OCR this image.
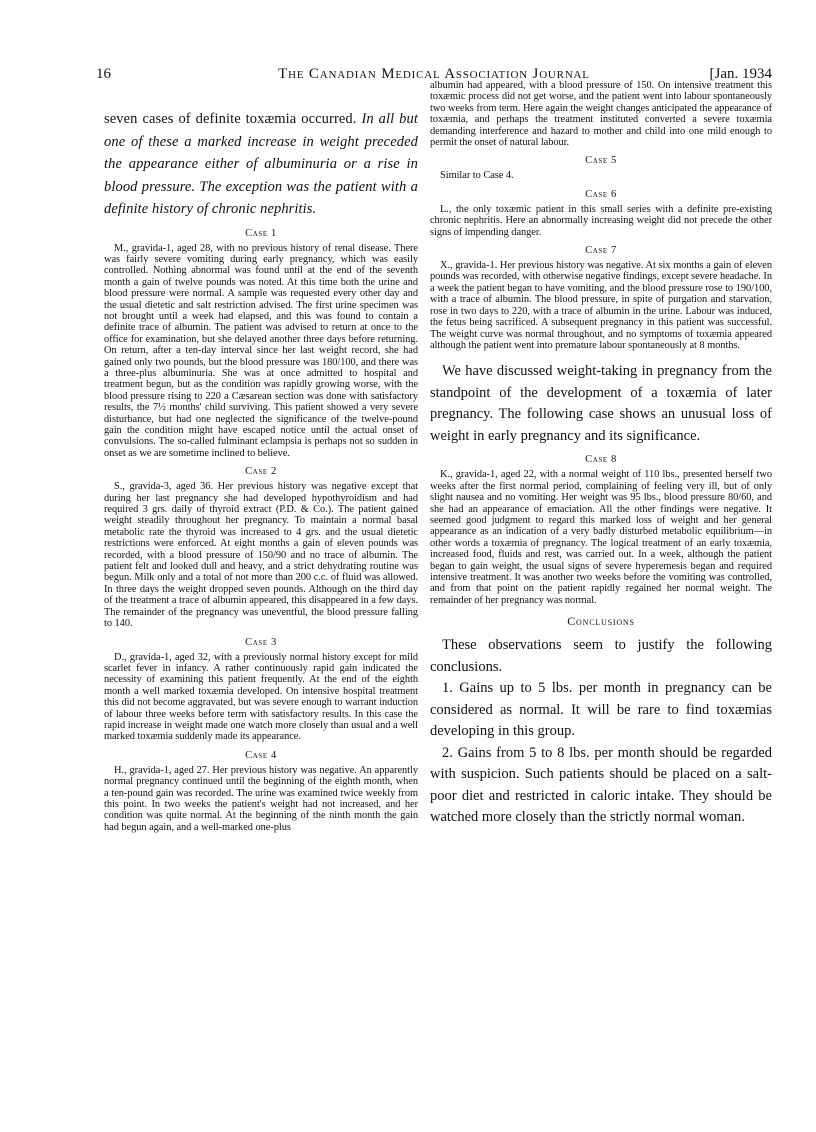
16	The Canadian Medical Association Journal	[Jan. 1934

seven cases of definite toxæmia occurred. In all but one of these a marked increase in weight preceded the appearance either of albuminuria or a rise in blood pressure. The exception was the patient with a definite history of chronic nephritis.

Case 1

M., gravida-1, aged 28, with no previous history of renal disease. There was fairly severe vomiting during early pregnancy, which was easily controlled. Nothing abnormal was found until at the end of the seventh month a gain of twelve pounds was noted. At this time both the urine and blood pressure were normal. A sample was requested every other day and the usual dietetic and salt restriction advised. The first urine specimen was not brought until a week had elapsed, and this was found to contain a definite trace of albumin. The patient was advised to return at once to the office for examination, but she delayed another three days before returning. On return, after a ten-day interval since her last weight record, she had gained only two pounds, but the blood pressure was 180/100, and there was a three-plus albuminuria. She was at once admitted to hospital and treatment begun, but as the condition was rapidly growing worse, with the blood pressure rising to 220 a Cæsarean section was done with satisfactory results, the 7½ months' child surviving. This patient showed a very severe disturbance, but had one neglected the significance of the twelve-pound gain the condition might have escaped notice until the actual onset of convulsions. The so-called fulminant eclampsia is perhaps not so sudden in onset as we are sometime inclined to believe.

Case 2

S., gravida-3, aged 36. Her previous history was negative except that during her last pregnancy she had developed hypothyroidism and had required 3 grs. daily of thyroid extract (P.D. & Co.). The patient gained weight steadily throughout her pregnancy. To maintain a normal basal metabolic rate the thyroid was increased to 4 grs. and the usual dietetic restrictions were enforced. At eight months a gain of eleven pounds was recorded, with a blood pressure of 150/90 and no trace of albumin. The patient felt and looked dull and heavy, and a strict dehydrating routine was begun. Milk only and a total of not more than 200 c.c. of fluid was allowed. In three days the weight dropped seven pounds. Although on the third day of the treatment a trace of albumin appeared, this disappeared in a few days. The remainder of the pregnancy was uneventful, the blood pressure falling to 140.

Case 3

D., gravida-1, aged 32, with a previously normal history except for mild scarlet fever in infancy. A rather continuously rapid gain indicated the necessity of examining this patient frequently. At the end of the eighth month a well marked toxæmia developed. On intensive hospital treatment this did not become aggravated, but was severe enough to warrant induction of labour three weeks before term with satisfactory results. In this case the rapid increase in weight made one watch more closely than usual and a well marked toxæmia suddenly made its appearance.

Case 4

H., gravida-1, aged 27. Her previous history was negative. An apparently normal pregnancy continued until the beginning of the eighth month, when a ten-pound gain was recorded. The urine was examined twice weekly from this point. In two weeks the patient's weight had not increased, and her condition was quite normal. At the beginning of the ninth month the gain had begun again, and a well-marked one-plus

albumin had appeared, with a blood pressure of 150. On intensive treatment this toxæmic process did not get worse, and the patient went into labour spontaneously two weeks from term. Here again the weight changes anticipated the appearance of toxæmia, and perhaps the treatment instituted converted a severe toxæmia demanding interference and hazard to mother and child into one mild enough to permit the onset of natural labour.

Case 5

Similar to Case 4.

Case 6

L., the only toxæmic patient in this small series with a definite pre-existing chronic nephritis. Here an abnormally increasing weight did not precede the other signs of impending danger.

Case 7

X., gravida-1. Her previous history was negative. At six months a gain of eleven pounds was recorded, with otherwise negative findings, except severe headache. In a week the patient began to have vomiting, and the blood pressure rose to 190/100, with a trace of albumin. The blood pressure, in spite of purgation and starvation, rose in two days to 220, with a trace of albumin in the urine. Labour was induced, the fetus being sacrificed. A subsequent pregnancy in this patient was successful. The weight curve was normal throughout, and no symptoms of toxæmia appeared although the patient went into premature labour spontaneously at 8 months.

We have discussed weight-taking in pregnancy from the standpoint of the development of a toxæmia of later pregnancy. The following case shows an unusual loss of weight in early pregnancy and its significance.

Case 8

K., gravida-1, aged 22, with a normal weight of 110 lbs., presented herself two weeks after the first normal period, complaining of feeling very ill, but of only slight nausea and no vomiting. Her weight was 95 lbs., blood pressure 80/60, and she had an appearance of emaciation. All the other findings were negative. It seemed good judgment to regard this marked loss of weight and her general appearance as an indication of a very badly disturbed metabolic equilibrium—in other words a toxæmia of pregnancy. The logical treatment of an early toxæmia, increased food, fluids and rest, was carried out. In a week, although the patient began to gain weight, the usual signs of severe hyperemesis began and required intensive treatment. It was another two weeks before the vomiting was controlled, and from that point on the patient rapidly regained her normal weight. The remainder of her pregnancy was normal.

Conclusions

These observations seem to justify the following conclusions.

1. Gains up to 5 lbs. per month in pregnancy can be considered as normal. It will be rare to find toxæmias developing in this group.

2. Gains from 5 to 8 lbs. per month should be regarded with suspicion. Such patients should be placed on a salt-poor diet and restricted in caloric intake. They should be watched more closely than the strictly normal woman.
